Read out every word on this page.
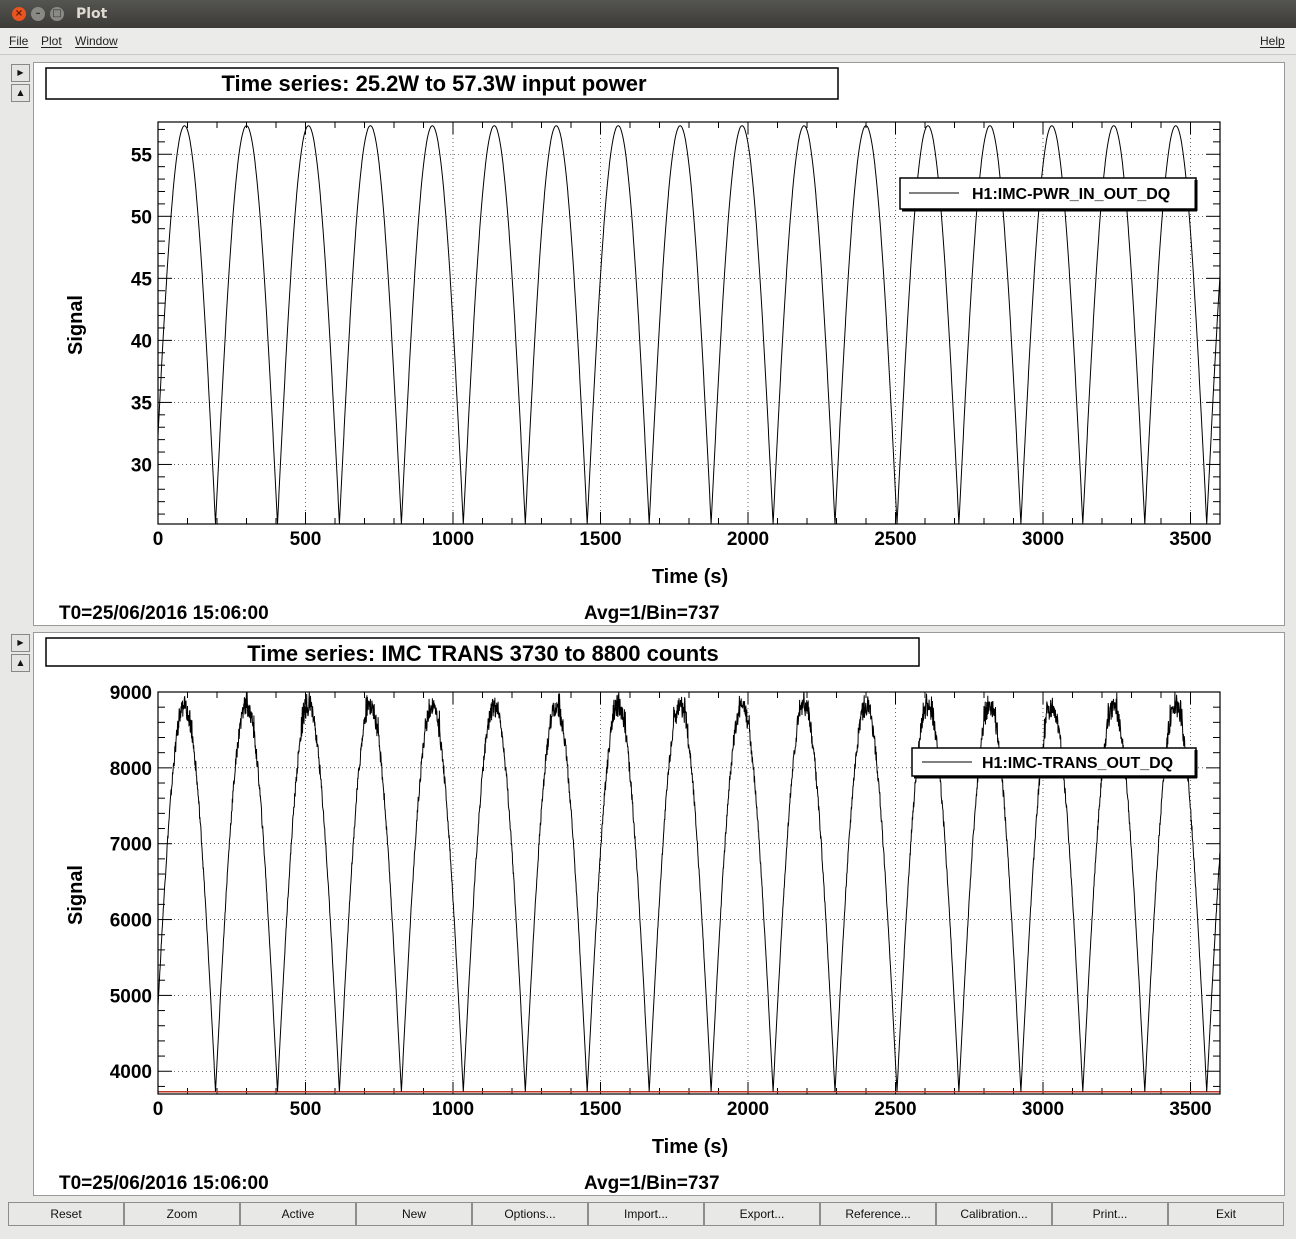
×	–	□ Plot
File Plot Window	Help
▶
▲
▶
▲
Time series: 25.2W to 57.3W input power
0	500	1000	1500	2000	2500	3000	3500
30
35
40
45
50
55
Time (s)
Signal
T0=25/06/2016 15:06:00	Avg=1/Bin=737
H1:IMC-PWR_IN_OUT_DQ
Time series: IMC TRANS 3730 to 8800 counts
0	500	1000	1500	2000	2500	3000	3500
4000
5000
6000
7000
8000
9000
Time (s)
Signal
T0=25/06/2016 15:06:00	Avg=1/Bin=737
H1:IMC-TRANS_OUT_DQ
Reset	Zoom	Active	New	Options...	Import...	Export...	Reference...	Calibration...	Print...	Exit
